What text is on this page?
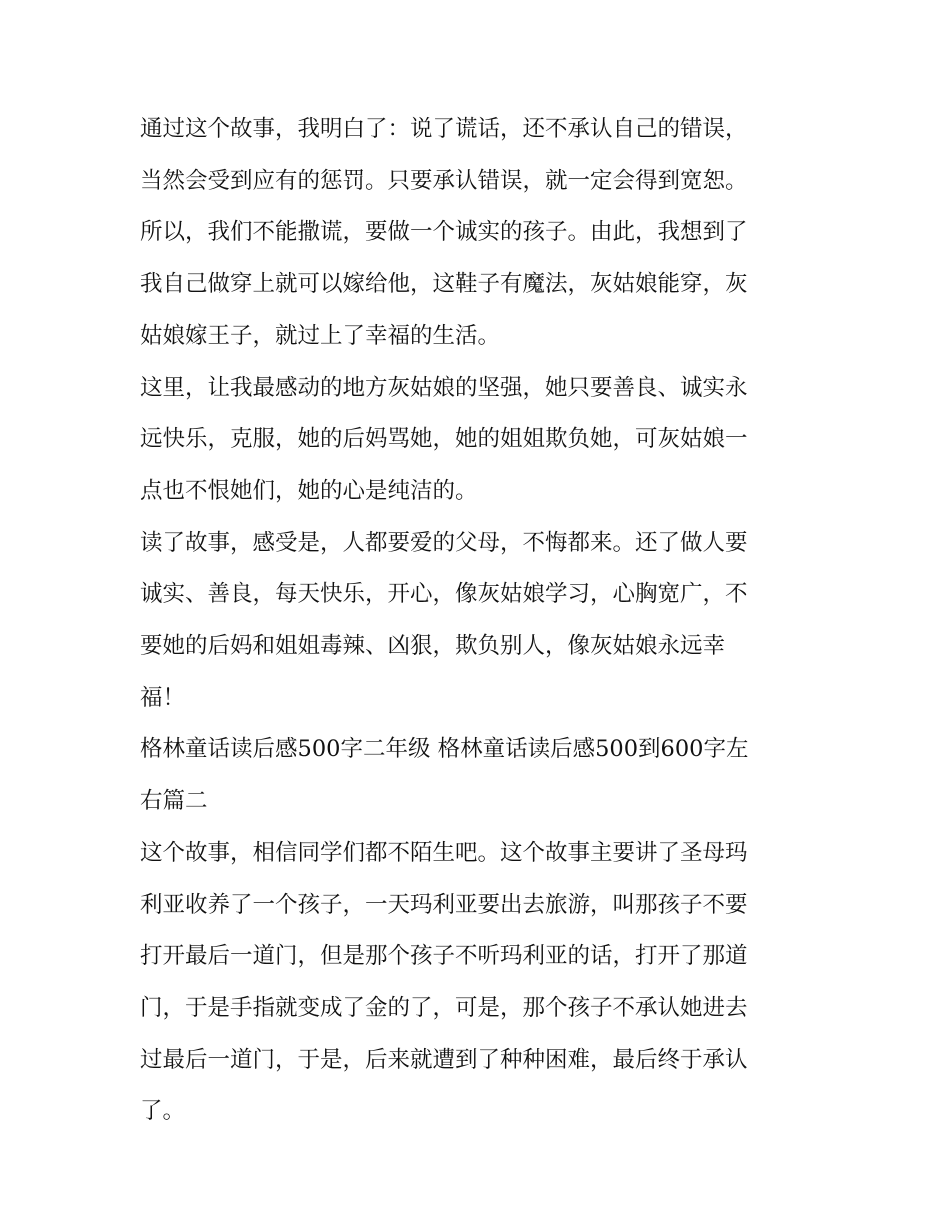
通过这个故事，我明白了：说了谎话，还不承认自己的错误，
当然会受到应有的惩罚。只要承认错误，就一定会得到宽恕。
所以，我们不能撒谎，要做一个诚实的孩子。由此，我想到了
我自己做穿上就可以嫁给他，这鞋子有魔法，灰姑娘能穿，灰
姑娘嫁王子，就过上了幸福的生活。
这里，让我最感动的地方灰姑娘的坚强，她只要善良、诚实永
远快乐，克服，她的后妈骂她，她的姐姐欺负她，可灰姑娘一
点也不恨她们，她的心是纯洁的。
读了故事，感受是，人都要爱的父母，不悔都来。还了做人要
诚实、善良，每天快乐，开心，像灰姑娘学习，心胸宽广，不
要她的后妈和姐姐毒辣、凶狠，欺负别人，像灰姑娘永远幸
福！
格林童话读后感500字二年级 格林童话读后感500到600字左
右篇二
这个故事，相信同学们都不陌生吧。这个故事主要讲了圣母玛
利亚收养了一个孩子，一天玛利亚要出去旅游，叫那孩子不要
打开最后一道门，但是那个孩子不听玛利亚的话，打开了那道
门，于是手指就变成了金的了，可是，那个孩子不承认她进去
过最后一道门，于是，后来就遭到了种种困难，最后终于承认
了。
